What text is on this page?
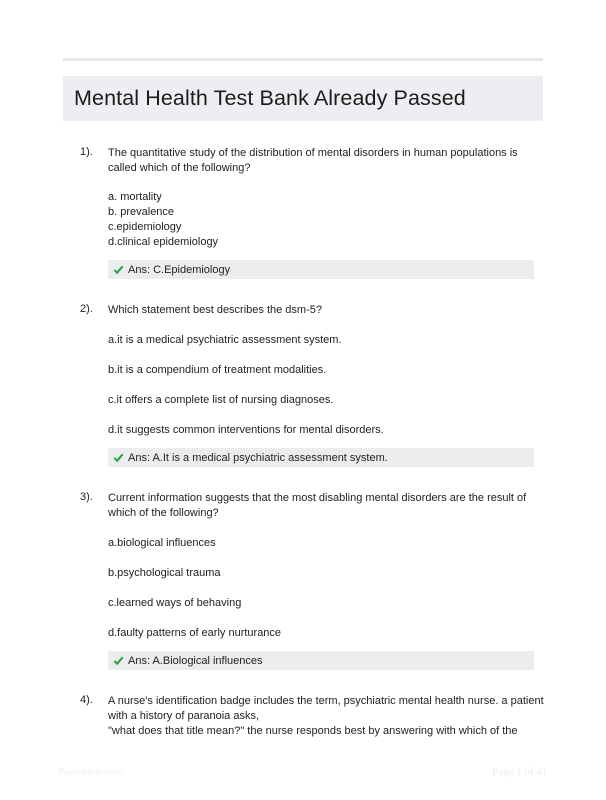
Mental Health Test Bank Already Passed
1). The quantitative study of the distribution of mental disorders in human populations is
called which of the following?
a. mortality
b. prevalence
c.epidemiology
d.clinical epidemiology
Ans: C.Epidemiology
2). Which statement best describes the dsm-5?
a.it is a medical psychiatric assessment system.
b.it is a compendium of treatment modalities.
c.it offers a complete list of nursing diagnoses.
d.it suggests common interventions for mental disorders.
Ans: A.It is a medical psychiatric assessment system.
3). Current information suggests that the most disabling mental disorders are the result of
which of the following?
a.biological influences
b.psychological trauma
c.learned ways of behaving
d.faulty patterns of early nurturance
Ans: A.Biological influences
4). A nurse's identification badge includes the term, psychiatric mental health nurse. a patient
with a history of paranoia asks,
"what does that title mean?" the nurse responds best by answering with which of the
PaperHelp.com	Page 1 of 41
